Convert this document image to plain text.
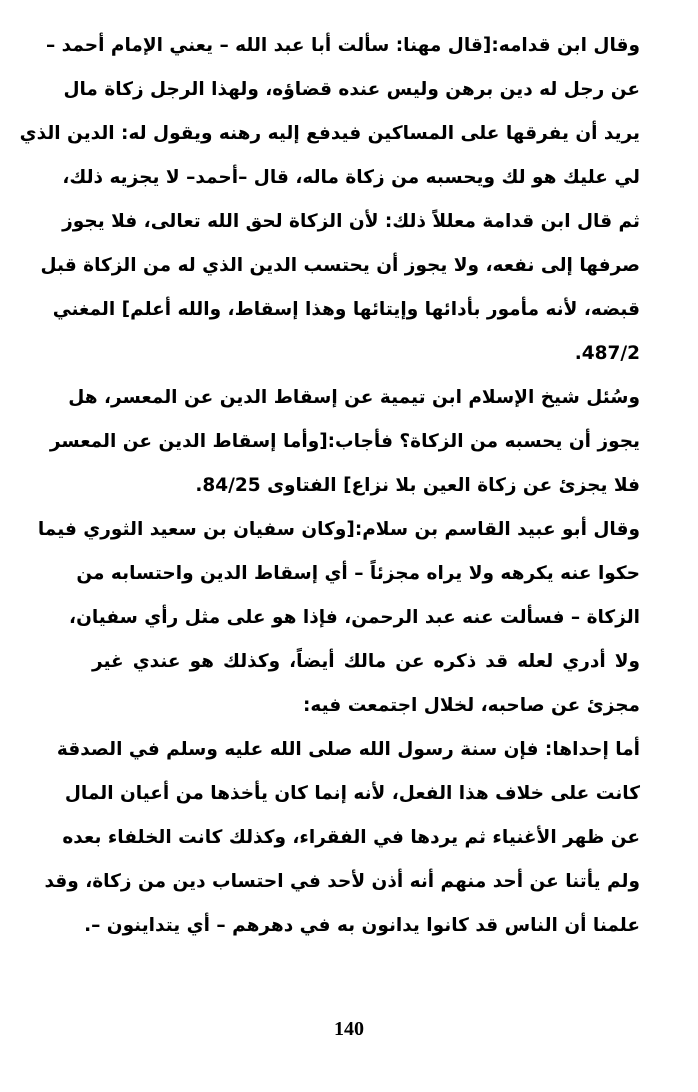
وقال ابن قدامه:[قال مهنا: سألت أبا عبد الله – يعني الإمام أحمد –
عن رجل له دين برهن وليس عنده قضاؤه، ولهذا الرجل زكاة مال
يريد أن يفرقها على المساكين فيدفع إليه رهنه ويقول له: الدين الذي
لي عليك هو لك ويحسبه من زكاة ماله، قال –أحمد– لا يجزيه ذلك،
ثم قال ابن قدامة معللاً ذلك: لأن الزكاة لحق الله تعالى، فلا يجوز
صرفها إلى نفعه، ولا يجوز أن يحتسب الدين الذي له من الزكاة قبل
قبضه، لأنه مأمور بأدائها وإيتائها وهذا إسقاط، والله أعلم] المغني
487/2.
وسُئل شيخ الإسلام ابن تيمية عن إسقاط الدين عن المعسر، هل
يجوز أن يحسبه من الزكاة؟ فأجاب:[وأما إسقاط الدين عن المعسر
فلا يجزئ عن زكاة العين بلا نزاع] الفتاوى 84/25.
وقال أبو عبيد القاسم بن سلام:[وكان سفيان بن سعيد الثوري فيما
حكوا عنه يكرهه ولا يراه مجزئاً – أي إسقاط الدين واحتسابه من
الزكاة – فسألت عنه عبد الرحمن، فإذا هو على مثل رأي سفيان،
ولا أدري لعله قد ذكره عن مالك أيضاً، وكذلك هو عندي غير
مجزئ عن صاحبه، لخلال اجتمعت فيه:
أما إحداها: فإن سنة رسول الله صلى الله عليه وسلم في الصدقة
كانت على خلاف هذا الفعل، لأنه إنما كان يأخذها من أعيان المال
عن ظهر الأغنياء ثم يردها في الفقراء، وكذلك كانت الخلفاء بعده
ولم يأتنا عن أحد منهم أنه أذن لأحد في احتساب دين من زكاة، وقد
علمنا أن الناس قد كانوا يدانون به في دهرهم – أي يتداينون –.
140
